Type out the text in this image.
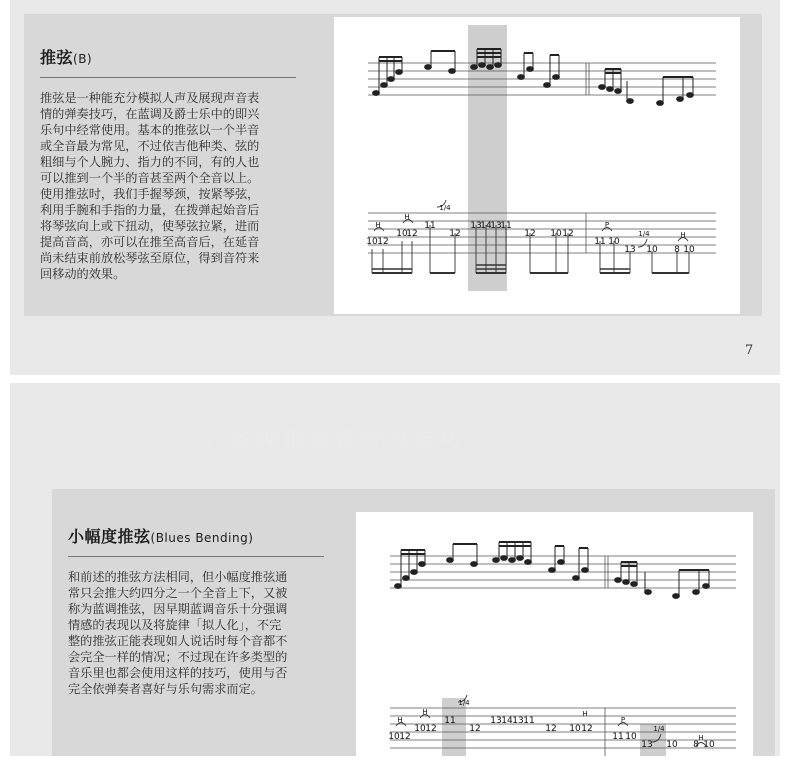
推弦(B)

推弦是一种能充分模拟人声及展现声音表
情的弹奏技巧，在蓝调及爵士乐中的即兴
乐句中经常使用。基本的推弦以一个半音
或全音最为常见，不过依吉他种类、弦的
粗细与个人腕力、指力的不同，有的人也
可以推到一个半的音甚至两个全音以上。
使用推弦时，我们手握琴颈，按紧琴弦，
利用手腕和手指的力量，在拨弹起始音后
将琴弦向上或下扭动，使琴弦拉紧，进而
提高音高，亦可以在推至高音后，在延音
尚未结束前放松琴弦至原位，得到音符来
回移动的效果。

10 12
10
12
11
1/4
12
13
14
13
11
12 10 12
11 10
13
1/4
10 8 10
H
H
P
H
7
二、各种推弦符号与技巧
小幅度推弦(Blues Bending)

和前述的推弦方法相同，但小幅度推弦通
常只会推大约四分之一个全音上下，又被
称为蓝调推弦，因早期蓝调音乐十分强调
情感的表现以及将旋律「拟人化」，不完
整的推弦正能表现如人说话时每个音都不
会完全一样的情况；不过现在许多类型的
音乐里也都会使用这样的技巧，使用与否
完全依弹奏者喜好与乐句需求而定。

10 12
10 12
11
1/4
12
13 14 13 11
12 10 12
11 10
13
1/4
10 8 10
H
H	H
P
H
